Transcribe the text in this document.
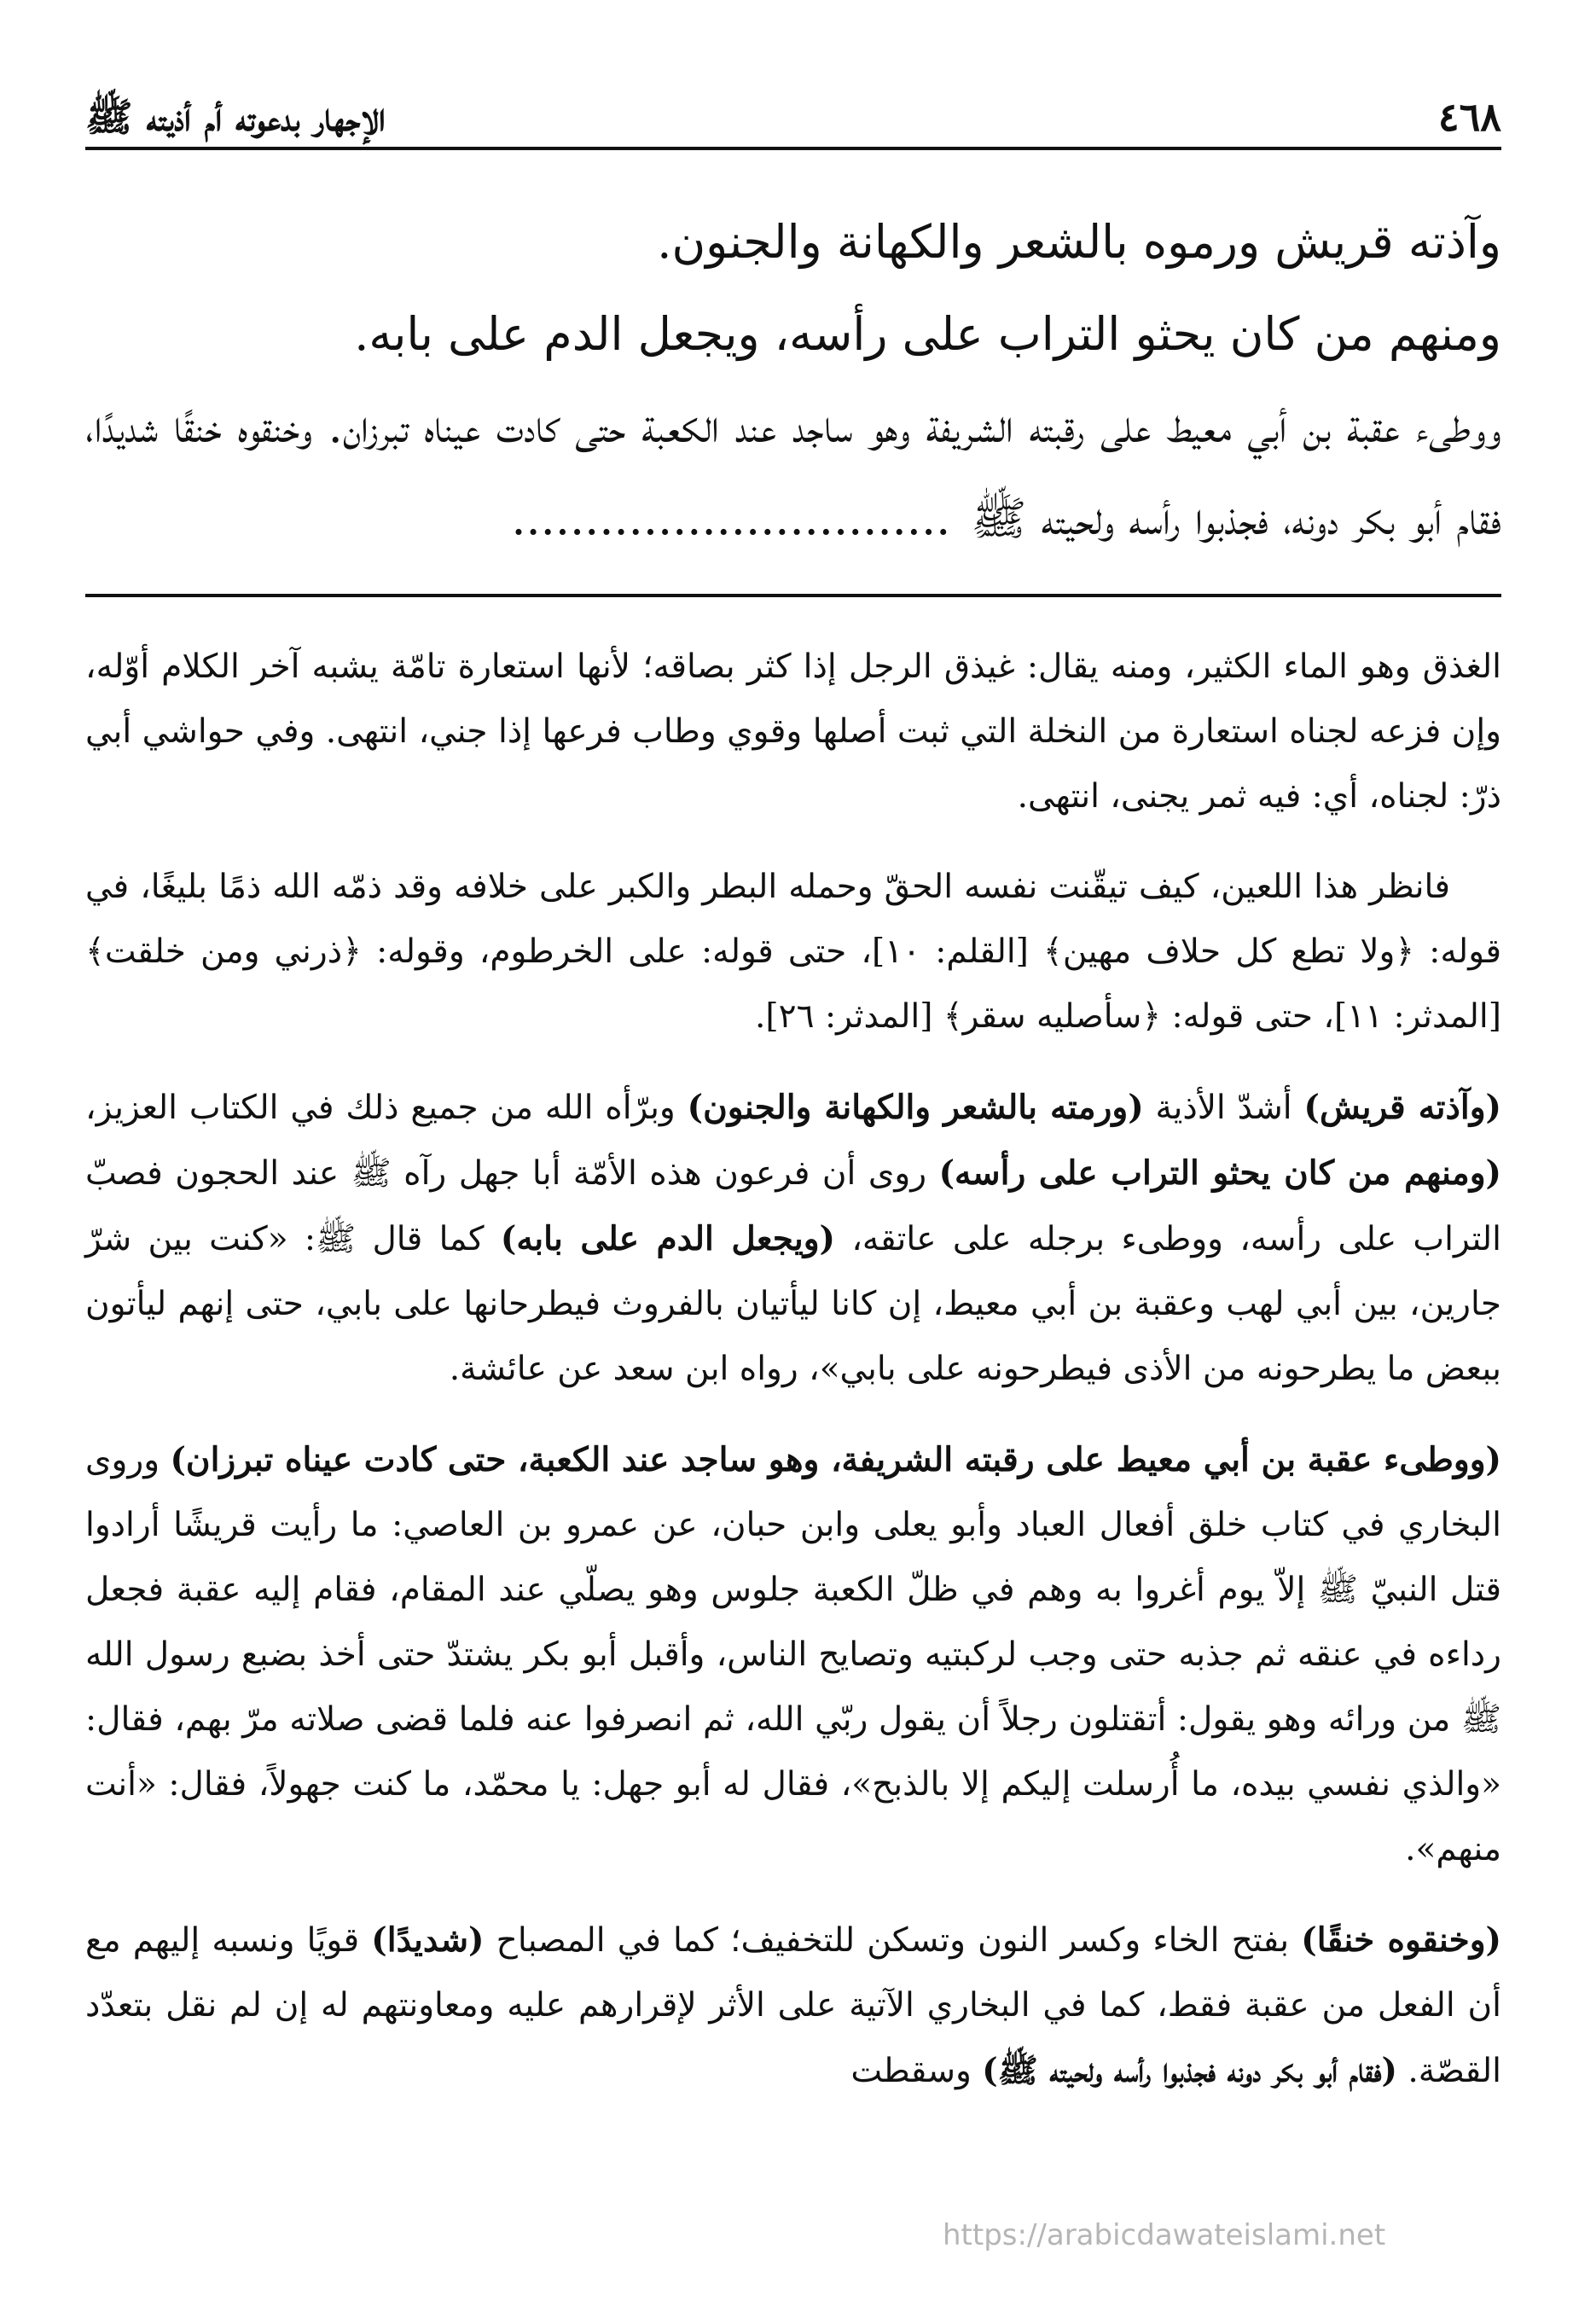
٤٦٨
الإجهار بدعوته أم أذيته ﷺ

وآذته قريش ورموه بالشعر والكهانة والجنون.

ومنهم من كان يحثو التراب على رأسه، ويجعل الدم على بابه.

ووطىء عقبة بن أبي معيط على رقبته الشريفة وهو ساجد عند الكعبة حتى كادت عيناه تبرزان. وخنقوه خنقًا شديدًا، فقام أبو بكر دونه، فجذبوا رأسه ولحيته ﷺ..............................

الغذق وهو الماء الكثير، ومنه يقال: غيذق الرجل إذا كثر بصاقه؛ لأنها استعارة تامّة يشبه آخر الكلام أوّله، وإن فزعه لجناه استعارة من النخلة التي ثبت أصلها وقوي وطاب فرعها إذا جني، انتهى. وفي حواشي أبي ذرّ: لجناه، أي: فيه ثمر يجنى، انتهى.

فانظر هذا اللعين، كيف تيقّنت نفسه الحقّ وحمله البطر والكبر على خلافه وقد ذمّه الله ذمًا بليغًا، في قوله: ﴿ولا تطع كل حلاف مهين﴾ [القلم: ١٠]، حتى قوله: على الخرطوم، وقوله: ﴿ذرني ومن خلقت﴾ [المدثر: ١١]، حتى قوله: ﴿سأصليه سقر﴾ [المدثر: ٢٦].

(وآذته قريش) أشدّ الأذية (ورمته بالشعر والكهانة والجنون) وبرّأه الله من جميع ذلك في الكتاب العزيز، (ومنهم من كان يحثو التراب على رأسه) روى أن فرعون هذه الأمّة أبا جهل رآه ﷺ عند الحجون فصبّ التراب على رأسه، ووطىء برجله على عاتقه، (ويجعل الدم على بابه) كما قال ﷺ: «كنت بين شرّ جارين، بين أبي لهب وعقبة بن أبي معيط، إن كانا ليأتيان بالفروث فيطرحانها على بابي، حتى إنهم ليأتون ببعض ما يطرحونه من الأذى فيطرحونه على بابي»، رواه ابن سعد عن عائشة.

(ووطىء عقبة بن أبي معيط على رقبته الشريفة، وهو ساجد عند الكعبة، حتى كادت عيناه تبرزان) وروى البخاري في كتاب خلق أفعال العباد وأبو يعلى وابن حبان، عن عمرو بن العاصي: ما رأيت قريشًا أرادوا قتل النبيّ ﷺ إلاّ يوم أغروا به وهم في ظلّ الكعبة جلوس وهو يصلّي عند المقام، فقام إليه عقبة فجعل رداءه في عنقه ثم جذبه حتى وجب لركبتيه وتصايح الناس، وأقبل أبو بكر يشتدّ حتى أخذ بضبع رسول الله ﷺ من ورائه وهو يقول: أتقتلون رجلاً أن يقول ربّي الله، ثم انصرفوا عنه فلما قضى صلاته مرّ بهم، فقال: «والذي نفسي بيده، ما أُرسلت إليكم إلا بالذبح»، فقال له أبو جهل: يا محمّد، ما كنت جهولاً، فقال: «أنت منهم».

(وخنقوه خنقًا) بفتح الخاء وكسر النون وتسكن للتخفيف؛ كما في المصباح (شديدًا) قويًا ونسبه إليهم مع أن الفعل من عقبة فقط، كما في البخاري الآتية على الأثر لإقرارهم عليه ومعاونتهم له إن لم نقل بتعدّد القصّة. (فقام أبو بكر دونه فجذبوا رأسه ولحيته ﷺ) وسقطت

https://arabicdawateislami.net
